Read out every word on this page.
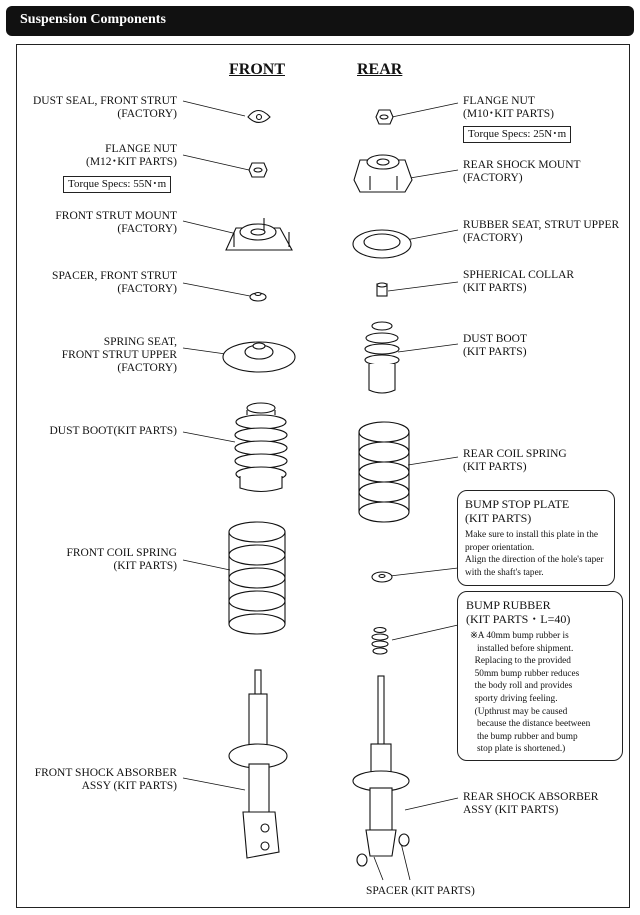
Suspension Components
FRONT	REAR
DUST SEAL, FRONT STRUT
(FACTORY)
FLANGE NUT
(M12･KIT PARTS)
Torque Specs: 55N･m
FRONT STRUT MOUNT
(FACTORY)
SPACER, FRONT STRUT
(FACTORY)
SPRING SEAT,
FRONT STRUT UPPER
(FACTORY)
DUST BOOT(KIT PARTS)
FRONT COIL SPRING
(KIT PARTS)
FRONT SHOCK ABSORBER
ASSY (KIT PARTS)
FLANGE NUT
(M10･KIT PARTS)
Torque Specs: 25N･m
REAR SHOCK MOUNT
(FACTORY)
RUBBER SEAT, STRUT UPPER
(FACTORY)
SPHERICAL COLLAR
(KIT PARTS)
DUST BOOT
(KIT PARTS)
REAR COIL SPRING
(KIT PARTS)
BUMP STOP PLATE
(KIT PARTS)
Make sure to install this plate in the
proper orientation.
Align the direction of the hole's taper
with the shaft's taper.
BUMP RUBBER
(KIT PARTS・L=40)
※A 40mm bump rubber is
installed before shipment.
Replacing to the provided
50mm bump rubber reduces
the body roll and provides
sporty driving feeling.
(Upthrust may be caused
because the distance beetween
the bump rubber and bump
stop plate is shortened.)
REAR SHOCK ABSORBER
ASSY (KIT PARTS)
SPACER (KIT PARTS)
